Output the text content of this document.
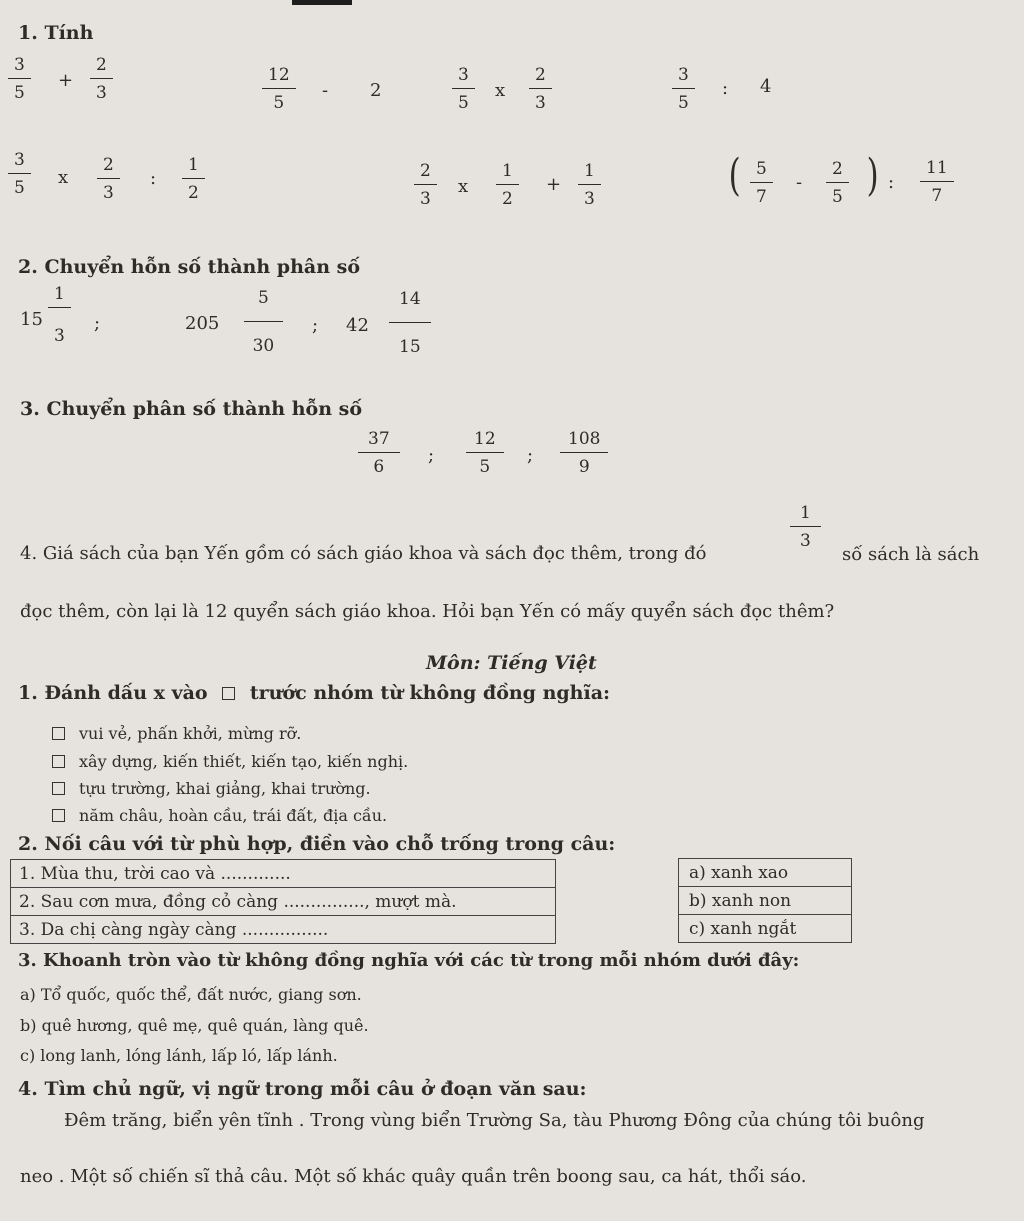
1. Tính
$\frac{3}{5} + \frac{2}{3}$	$\frac{12}{5} - 2$	$\frac{3}{5}$ x $\frac{2}{3}$	$\frac{3}{5}$ : 4
$\frac{3}{5}$ x $\frac{2}{3}$ : $\frac{1}{2}$	$\frac{2}{3}$ x $\frac{1}{2} + \frac{1}{3}$	( $\frac{5}{7} - \frac{2}{5}$ ) : $\frac{11}{7}$
2. Chuyển hỗn số thành phân số
$15 \frac{1}{3}$ ;	$205 \frac{5}{30}$ ; $42 \frac{14}{15}$
3. Chuyển phân số thành hỗn số
$\frac{37}{6}$ ; $\frac{12}{5}$ ; $\frac{108}{9}$
4. Giá sách của bạn Yến gồm có sách giáo khoa và sách đọc thêm, trong đó
$\frac{1}{3}$
số sách là sách
đọc thêm, còn lại là 12 quyển sách giáo khoa. Hỏi bạn Yến có mấy quyển sách đọc thêm?
Môn: Tiếng Việt
1. Đánh dấu x vào trước nhóm từ không đồng nghĩa:
vui vẻ, phấn khởi, mừng rỡ.
xây dựng, kiến thiết, kiến tạo, kiến nghị.
tựu trường, khai giảng, khai trường.
năm châu, hoàn cầu, trái đất, địa cầu.
2. Nối câu với từ phù hợp, điền vào chỗ trống trong câu:
1. Mùa thu, trời cao và .............
2. Sau cơn mưa, đồng cỏ càng ..............., mượt mà.
3. Da chị càng ngày càng ................
a) xanh xao
b) xanh non
c) xanh ngắt
3. Khoanh tròn vào từ không đồng nghĩa với các từ trong mỗi nhóm dưới đây:
a) Tổ quốc, quốc thể, đất nước, giang sơn.
b) quê hương, quê mẹ, quê quán, làng quê.
c) long lanh, lóng lánh, lấp ló, lấp lánh.
4. Tìm chủ ngữ, vị ngữ trong mỗi câu ở đoạn văn sau:
Đêm trăng, biển yên tĩnh . Trong vùng biển Trường Sa, tàu Phương Đông của chúng tôi buông
neo . Một số chiến sĩ thả câu. Một số khác quây quần trên boong sau, ca hát, thổi sáo.
